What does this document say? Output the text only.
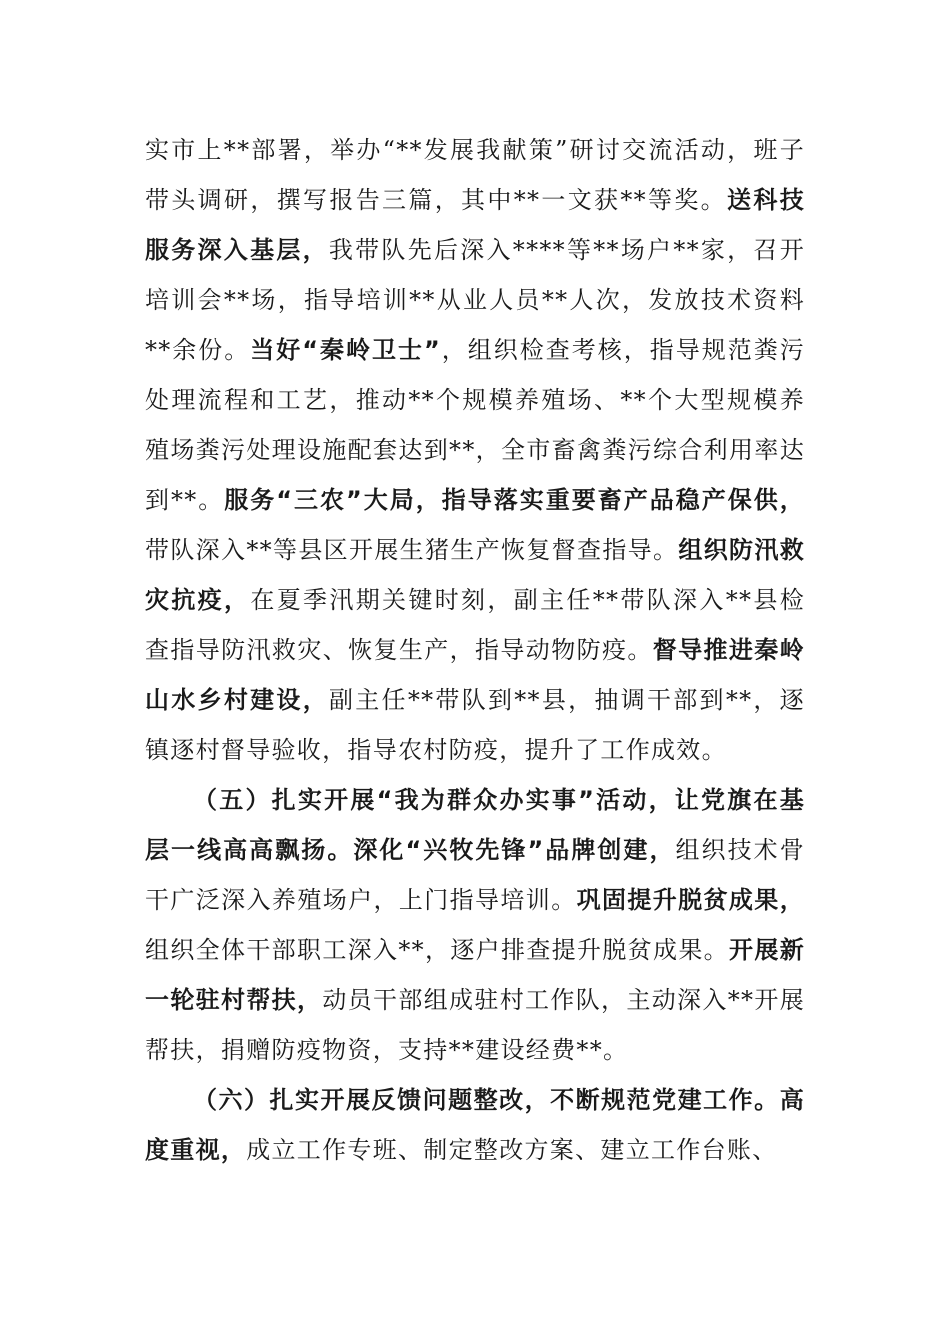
实市上**部署，举办“**发展我献策”研讨交流活动，班子带头调研，撰写报告三篇，其中**一文获**等奖。送科技服务深入基层，我带队先后深入****等**场户**家，召开培训会**场，指导培训**从业人员**人次，发放技术资料**余份。当好“秦岭卫士”，组织检查考核，指导规范粪污处理流程和工艺，推动**个规模养殖场、**个大型规模养殖场粪污处理设施配套达到**，全市畜禽粪污综合利用率达到**。服务“三农”大局，指导落实重要畜产品稳产保供，带队深入**等县区开展生猪生产恢复督查指导。组织防汛救灾抗疫，在夏季汛期关键时刻，副主任**带队深入**县检查指导防汛救灾、恢复生产，指导动物防疫。督导推进秦岭山水乡村建设，副主任**带队到**县，抽调干部到**，逐镇逐村督导验收，指导农村防疫，提升了工作成效。

（五）扎实开展“我为群众办实事”活动，让党旗在基层一线高高飘扬。深化“兴牧先锋”品牌创建，组织技术骨干广泛深入养殖场户，上门指导培训。巩固提升脱贫成果，组织全体干部职工深入**，逐户排查提升脱贫成果。开展新一轮驻村帮扶，动员干部组成驻村工作队，主动深入**开展帮扶，捐赠防疫物资，支持**建设经费**。

（六）扎实开展反馈问题整改，不断规范党建工作。高度重视，成立工作专班、制定整改方案、建立工作台账、
